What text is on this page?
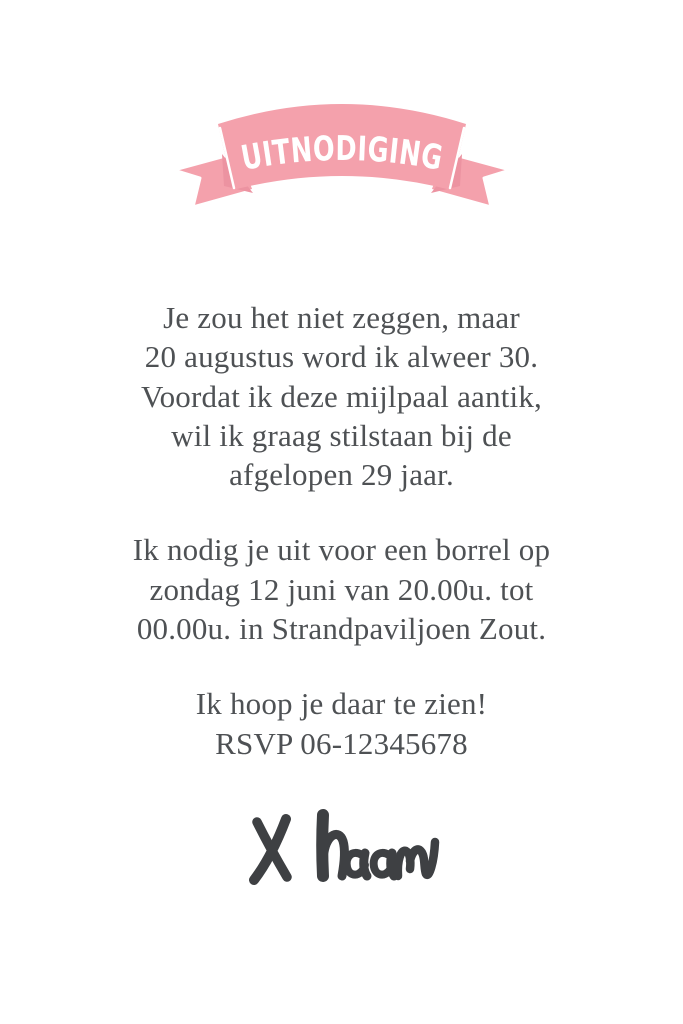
UITNODIGING
Je zou het niet zeggen, maar
20 augustus word ik alweer 30.
Voordat ik deze mijlpaal aantik,
wil ik graag stilstaan bij de
afgelopen 29 jaar.
Ik nodig je uit voor een borrel op
zondag 12 juni van 20.00u. tot
00.00u. in Strandpaviljoen Zout.
Ik hoop je daar te zien!
RSVP 06-12345678
